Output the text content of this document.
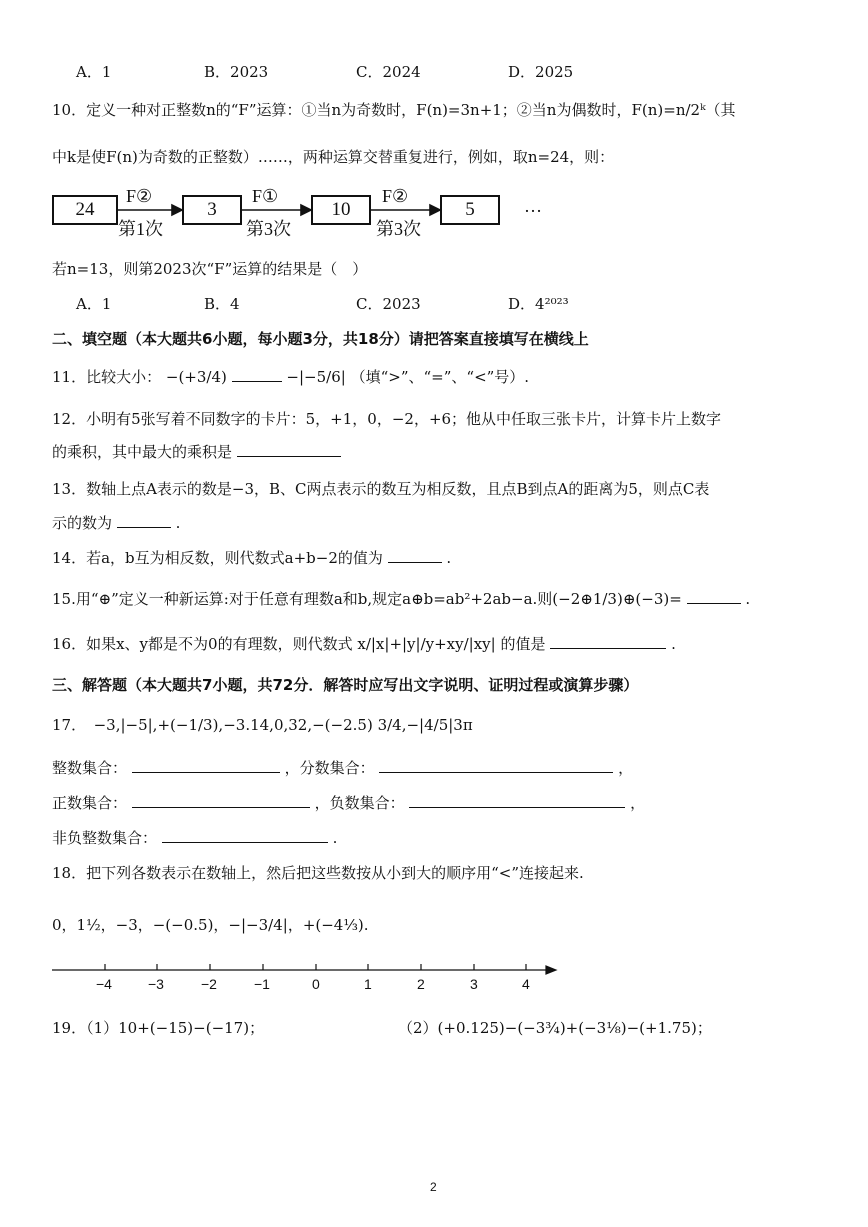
A．1	B．2023	C．2024	D．2025
10．定义一种对正整数n的“F”运算：①当n为奇数时，F(n)=3n+1；②当n为偶数时，F(n)=n/2ᵏ（其
中k是使F(n)为奇数的正整数）……，两种运算交替重复进行，例如，取n=24，则：
24	3	10	5
F②
第1次
F①
第3次
F②
第3次
…
若n=13，则第2023次“F”运算的结果是（　）
A．1	B．4	C．2023	D．4²⁰²³
二、填空题（本大题共6小题，每小题3分，共18分）请把答案直接填写在横线上
11．比较大小： −(+3/4)	−|−5/6| （填“>”、“=”、“<”号）.
12．小明有5张写着不同数字的卡片：5，+1，0，−2，+6；他从中任取三张卡片，计算卡片上数字
的乘积，其中最大的乘积是
13．数轴上点A表示的数是−3，B、C两点表示的数互为相反数，且点B到点A的距离为5，则点C表
示的数为	.
14．若a，b互为相反数，则代数式a+b−2的值为	.
15.用“⊕”定义一种新运算:对于任意有理数a和b,规定a⊕b=ab²+2ab−a.则(−2⊕1/3)⊕(−3)=	.
16．如果x、y都是不为0的有理数，则代数式 x/|x|+|y|/y+xy/|xy| 的值是	.
三、解答题（本大题共7小题，共72分．解答时应写出文字说明、证明过程或演算步骤）
17．　−3,|−5|,+(−1/3),−3.14,0,32,−(−2.5) 3/4,−|4/5|3π
整数集合：	，分数集合：	，
正数集合：	，负数集合：	，
非负整数集合：	.
18．把下列各数表示在数轴上，然后把这些数按从小到大的顺序用“<”连接起来.
0，1½，−3，−(−0.5)，−|−3/4|，+(−4⅓).
−4	−3	−2	−1	0	1	2	3	4
19．（1）10+(−15)−(−17)；	（2）(+0.125)−(−3¾)+(−3⅛)−(+1.75)；
2
